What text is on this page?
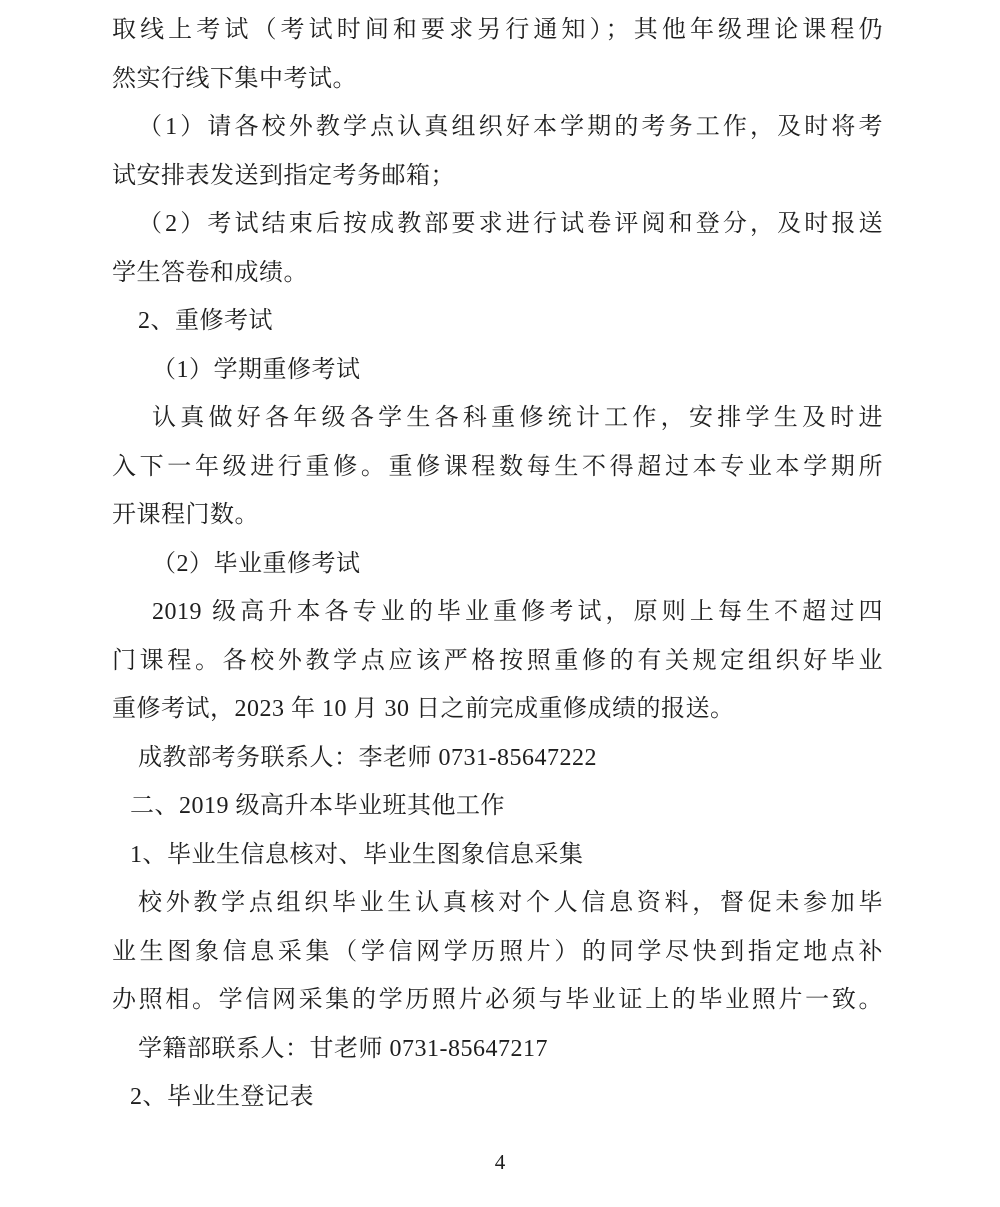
取线上考试（考试时间和要求另行通知）；其他年级理论课程仍
然实行线下集中考试。
（1）请各校外教学点认真组织好本学期的考务工作，及时将考
试安排表发送到指定考务邮箱；
（2）考试结束后按成教部要求进行试卷评阅和登分，及时报送
学生答卷和成绩。
2、重修考试
（1）学期重修考试
认真做好各年级各学生各科重修统计工作，安排学生及时进
入下一年级进行重修。重修课程数每生不得超过本专业本学期所
开课程门数。
（2）毕业重修考试
2019 级高升本各专业的毕业重修考试，原则上每生不超过四
门课程。各校外教学点应该严格按照重修的有关规定组织好毕业
重修考试，2023 年 10 月 30 日之前完成重修成绩的报送。
成教部考务联系人：李老师 0731-85647222
二、2019 级高升本毕业班其他工作
1、毕业生信息核对、毕业生图象信息采集
校外教学点组织毕业生认真核对个人信息资料，督促未参加毕
业生图象信息采集（学信网学历照片）的同学尽快到指定地点补
办照相。学信网采集的学历照片必须与毕业证上的毕业照片一致。
学籍部联系人：甘老师 0731-85647217
2、毕业生登记表
4
